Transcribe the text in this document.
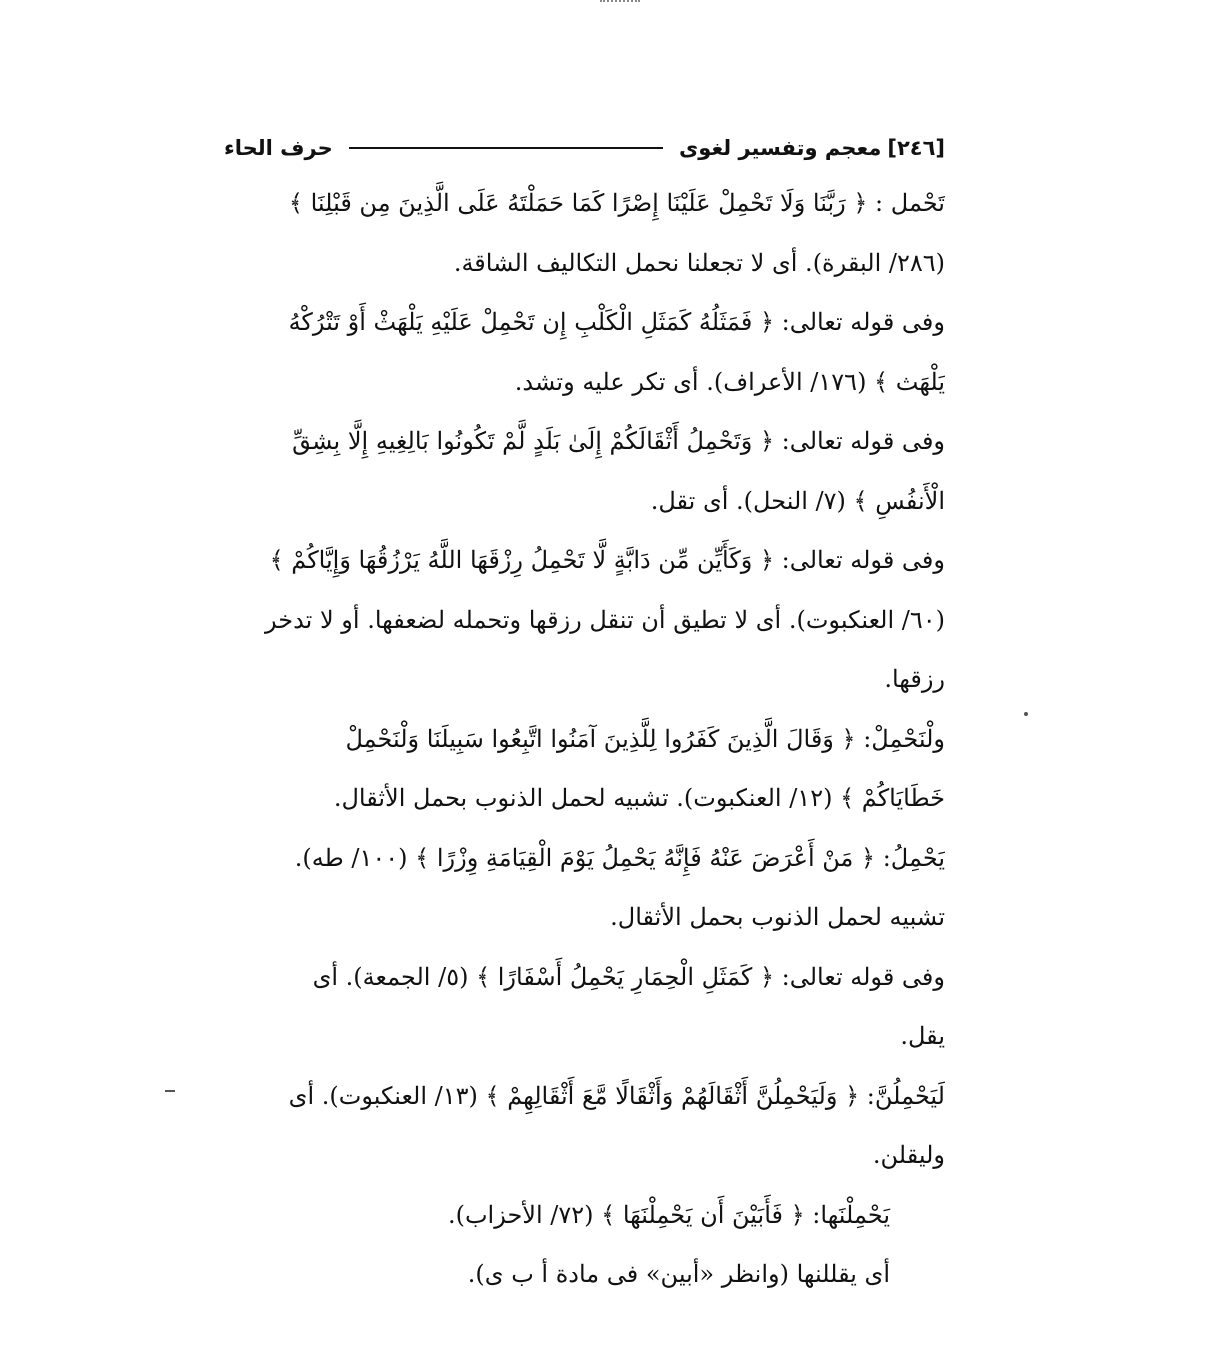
[٢٤٦]
معجم وتفسير لغوى
حرف الحاء
تَحْمل : ﴿ رَبَّنَا وَلَا تَحْمِلْ عَلَيْنَا إِصْرًا كَمَا حَمَلْتَهُ عَلَى الَّذِينَ مِن قَبْلِنَا ﴾
(٢٨٦/ البقرة). أى لا تجعلنا نحمل التكاليف الشاقة.
وفى قوله تعالى: ﴿ فَمَثَلُهُ كَمَثَلِ الْكَلْبِ إِن تَحْمِلْ عَلَيْهِ يَلْهَثْ أَوْ تَتْرُكْهُ
يَلْهَث ﴾ (١٧٦/ الأعراف). أى تكر عليه وتشد.
وفى قوله تعالى: ﴿ وَتَحْمِلُ أَثْقَالَكُمْ إِلَىٰ بَلَدٍ لَّمْ تَكُونُوا بَالِغِيهِ إِلَّا بِشِقِّ
الْأَنفُسِ ﴾ (٧/ النحل). أى تقل.
وفى قوله تعالى: ﴿ وَكَأَيِّن مِّن دَابَّةٍ لَّا تَحْمِلُ رِزْقَهَا اللَّهُ يَرْزُقُهَا وَإِيَّاكُمْ ﴾
(٦٠/ العنكبوت). أى لا تطيق أن تنقل رزقها وتحمله لضعفها. أو لا تدخر
رزقها.
ولْنَحْمِلْ: ﴿ وَقَالَ الَّذِينَ كَفَرُوا لِلَّذِينَ آمَنُوا اتَّبِعُوا سَبِيلَنَا وَلْنَحْمِلْ
خَطَايَاكُمْ ﴾ (١٢/ العنكبوت). تشبيه لحمل الذنوب بحمل الأثقال.
يَحْمِلُ: ﴿ مَنْ أَعْرَضَ عَنْهُ فَإِنَّهُ يَحْمِلُ يَوْمَ الْقِيَامَةِ وِزْرًا ﴾ (١٠٠/ طه).
تشبيه لحمل الذنوب بحمل الأثقال.
وفى قوله تعالى: ﴿ كَمَثَلِ الْحِمَارِ يَحْمِلُ أَسْفَارًا ﴾ (٥/ الجمعة). أى
يقل.
لَيَحْمِلُنَّ: ﴿ وَلَيَحْمِلُنَّ أَثْقَالَهُمْ وَأَثْقَالًا مَّعَ أَثْقَالِهِمْ ﴾ (١٣/ العنكبوت). أى
وليقلن.
يَحْمِلْنَها: ﴿ فَأَبَيْنَ أَن يَحْمِلْنَهَا ﴾ (٧٢/ الأحزاب).
أى يقللنها (وانظر «أبين» فى مادة أ ب ى).
